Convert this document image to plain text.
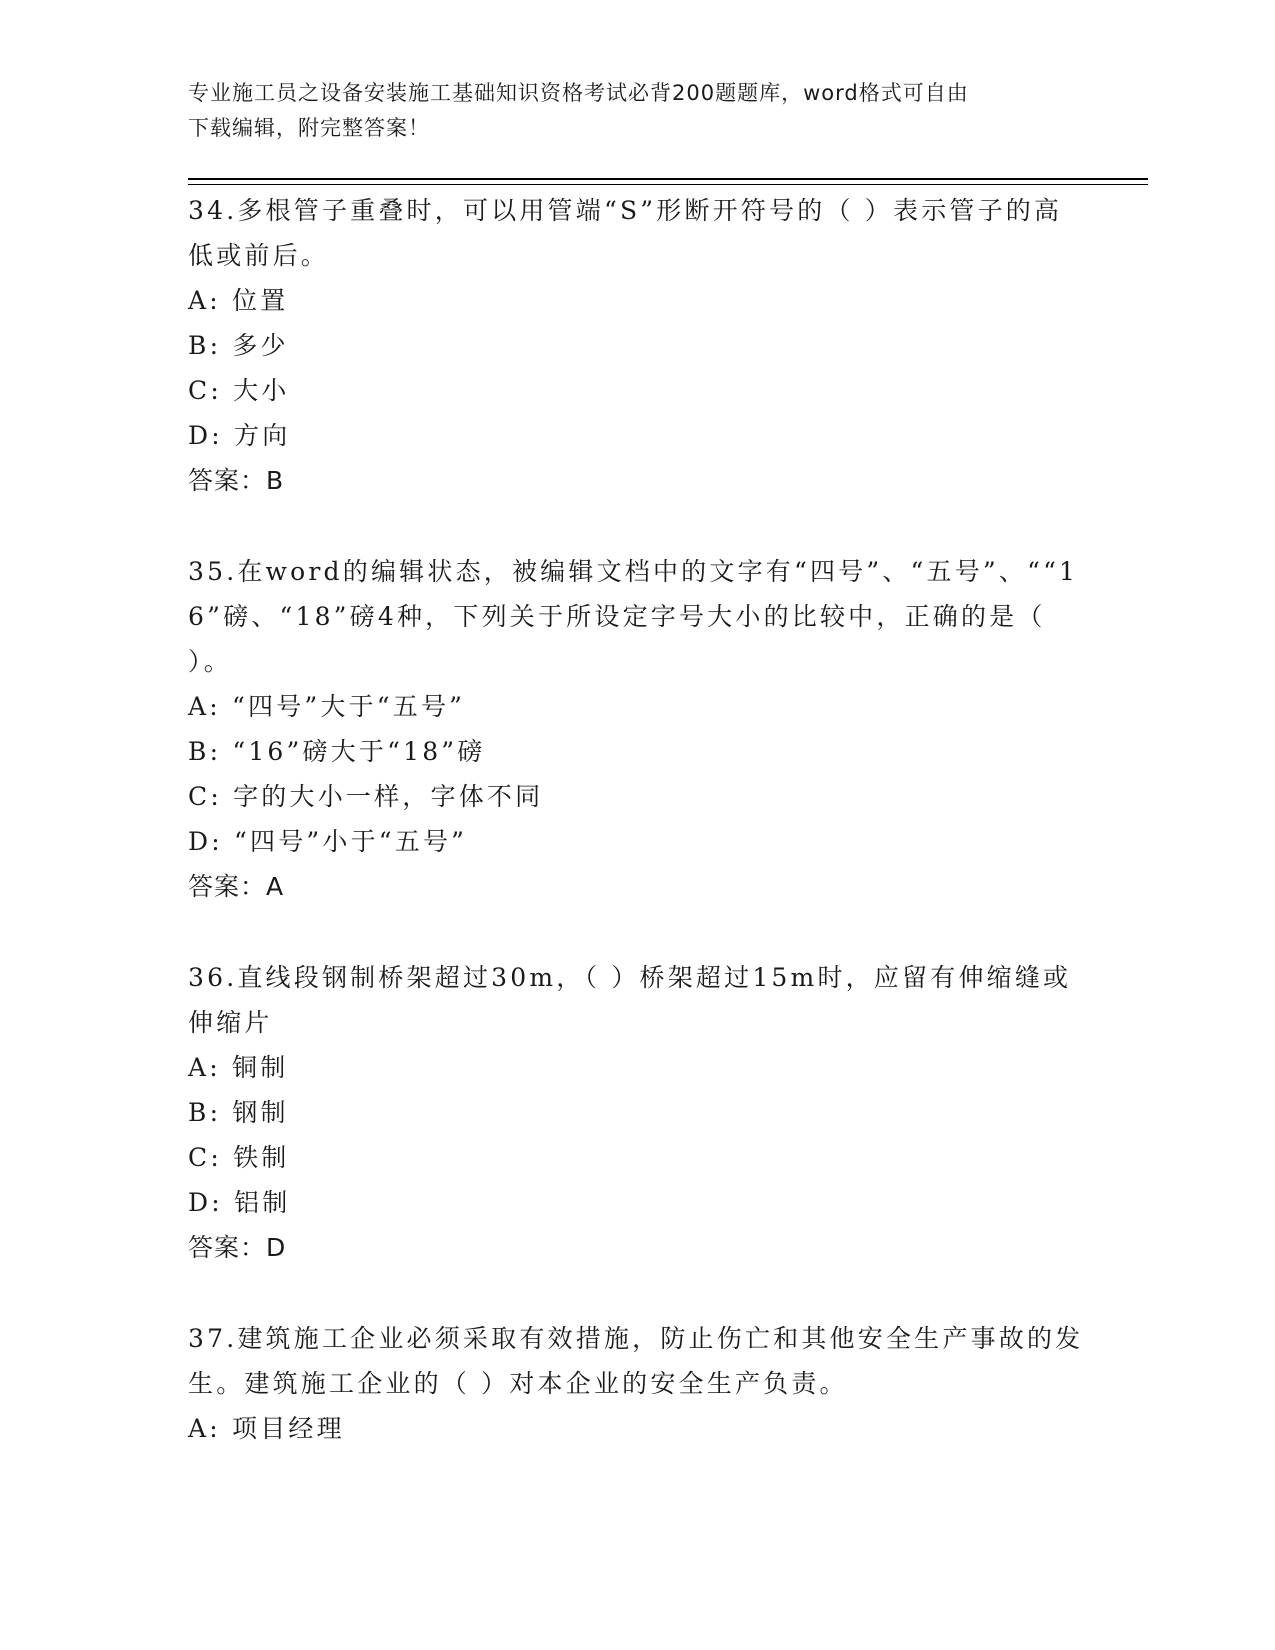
专业施工员之设备安装施工基础知识资格考试必背200题题库，word格式可自由
下载编辑，附完整答案！
34.多根管子重叠时，可以用管端“S”形断开符号的（ ）表示管子的高低或前后。
A: 位置
B: 多少
C: 大小
D: 方向
答案：B
35.在word的编辑状态，被编辑文档中的文字有“四号”、“五号”、““16”磅、“18”磅4种，下列关于所设定字号大小的比较中，正确的是（ ）。
A: “四号”大于“五号”
B: “16”磅大于“18”磅
C: 字的大小一样，字体不同
D: “四号”小于“五号”
答案：A
36.直线段钢制桥架超过30m，（ ）桥架超过15m时，应留有伸缩缝或伸缩片
A: 铜制
B: 钢制
C: 铁制
D: 铝制
答案：D
37.建筑施工企业必须采取有效措施，防止伤亡和其他安全生产事故的发生。建筑施工企业的（ ）对本企业的安全生产负责。
A: 项目经理
